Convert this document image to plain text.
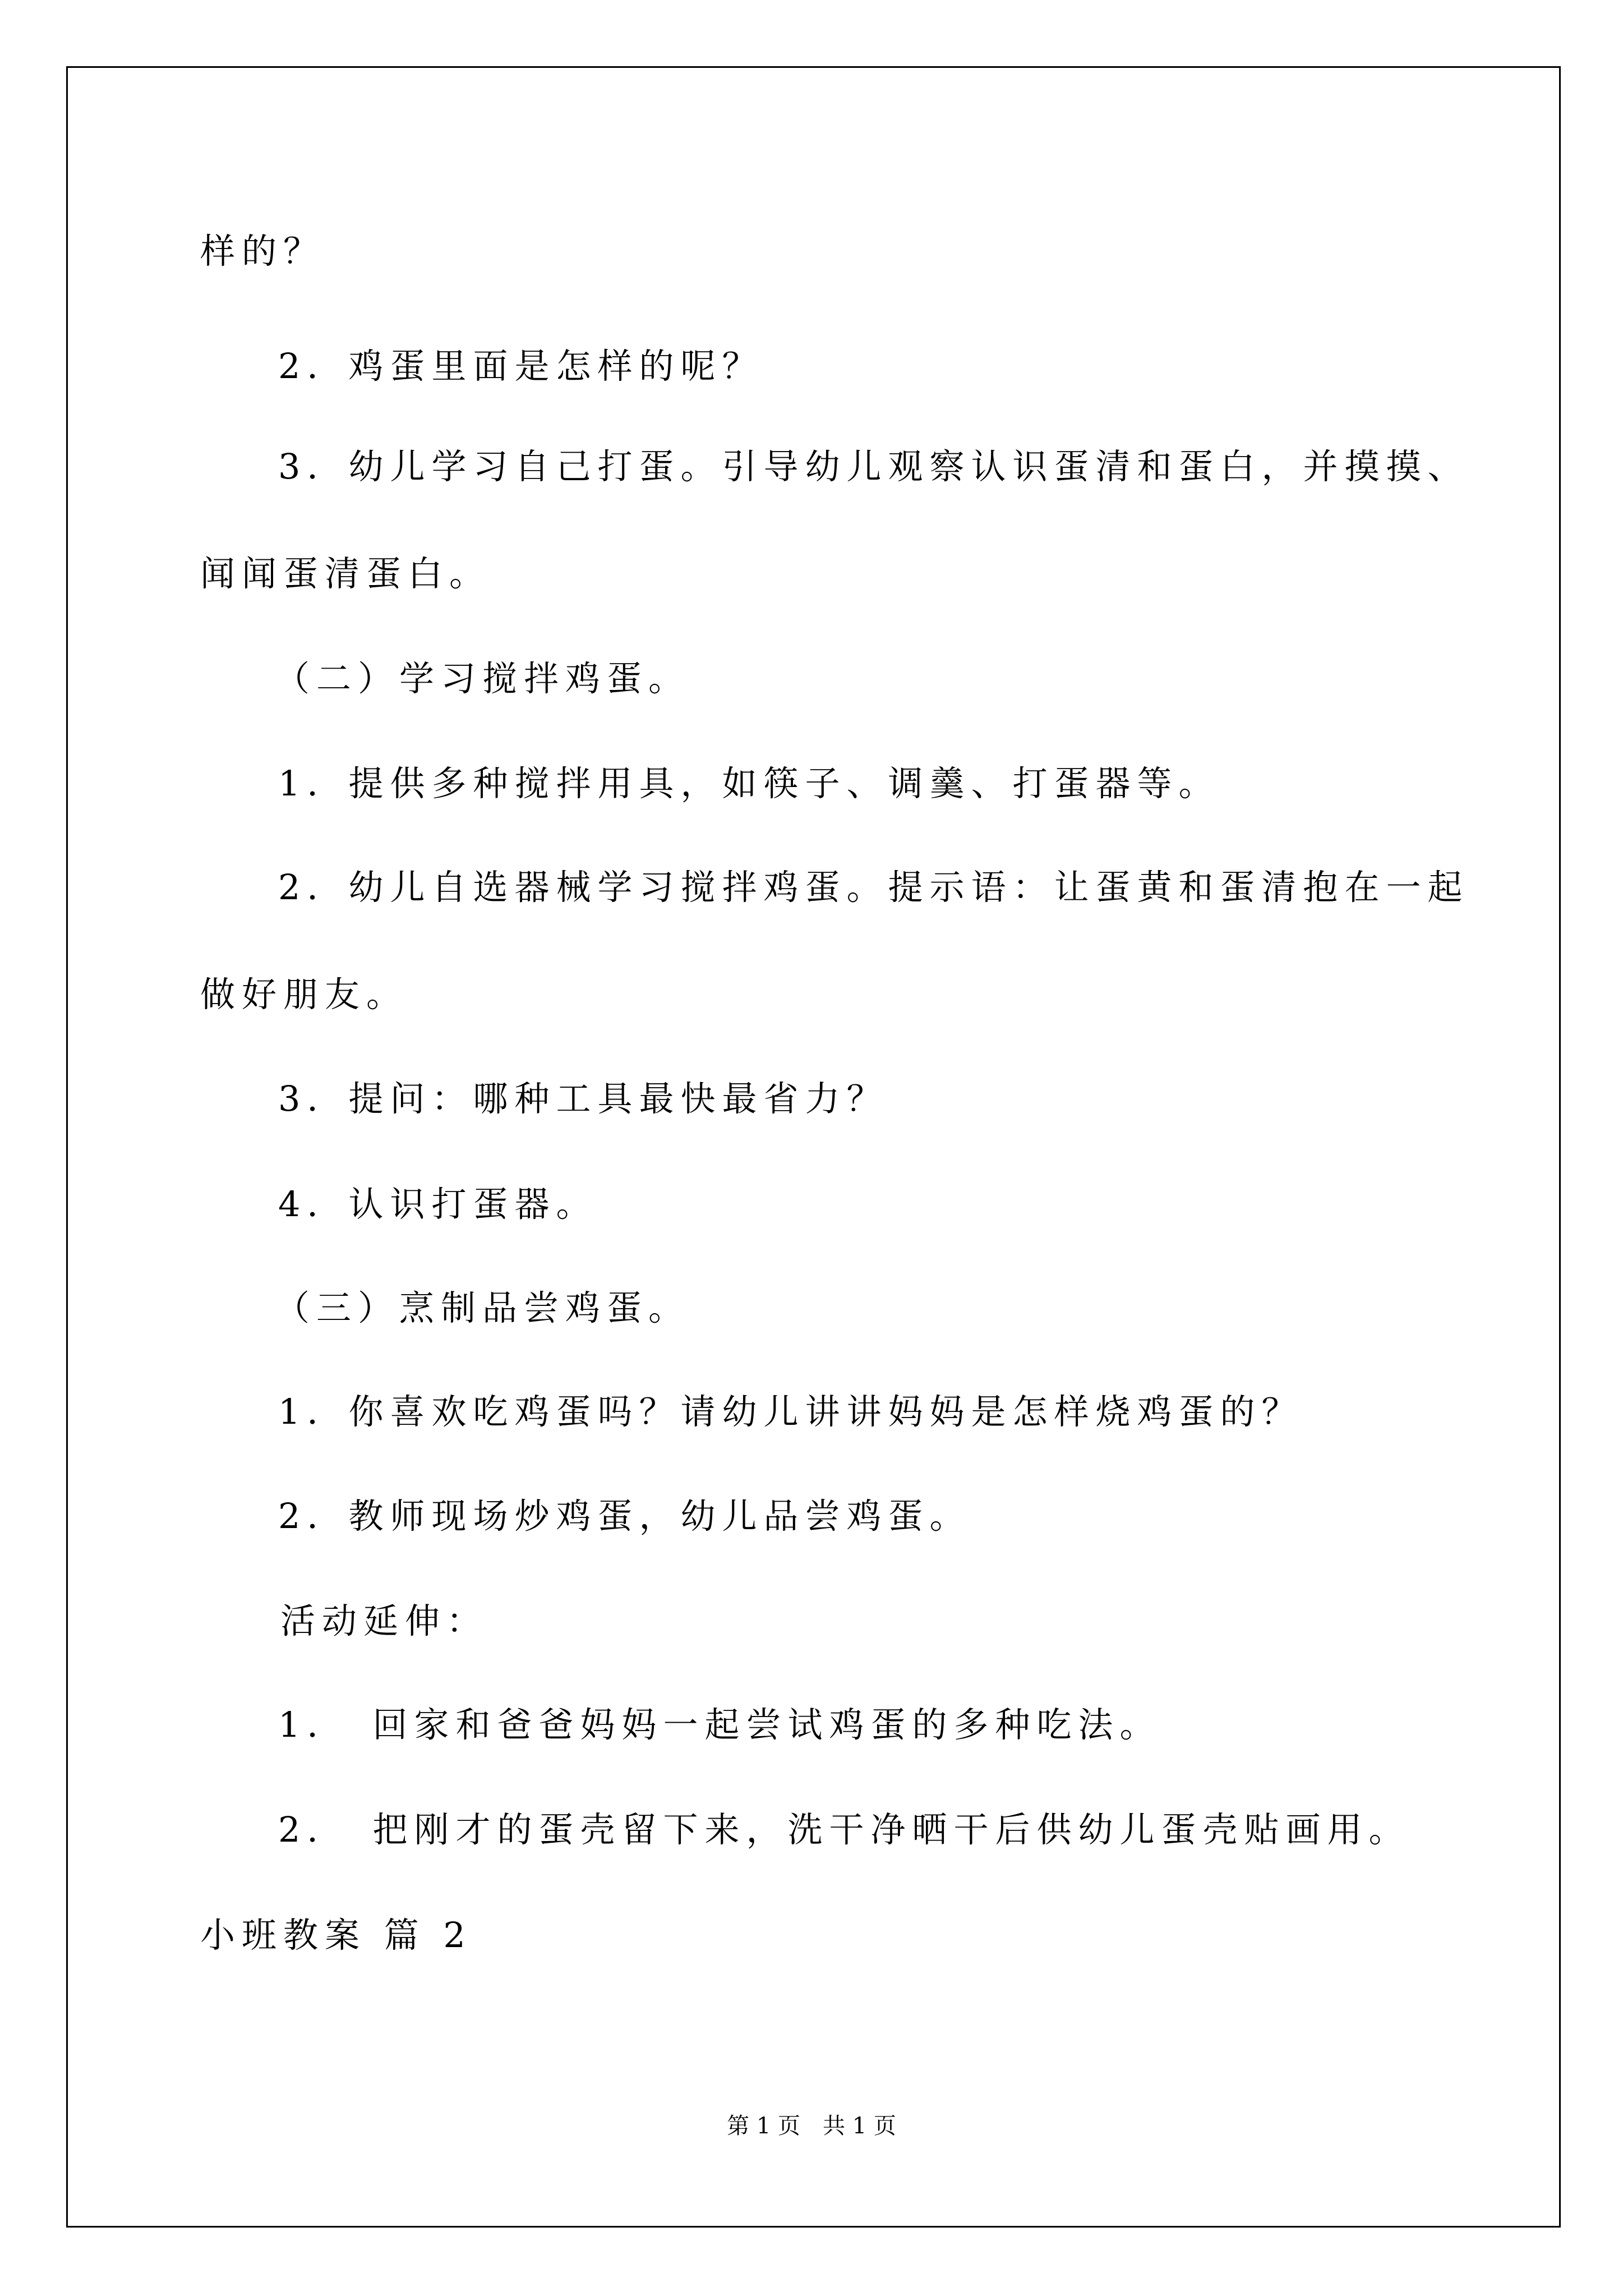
样的？
2．鸡蛋里面是怎样的呢？
3．幼儿学习自己打蛋。引导幼儿观察认识蛋清和蛋白，并摸摸、
闻闻蛋清蛋白。
（二）学习搅拌鸡蛋。
1．提供多种搅拌用具，如筷子、调羹、打蛋器等。
2．幼儿自选器械学习搅拌鸡蛋。提示语：让蛋黄和蛋清抱在一起
做好朋友。
3．提问：哪种工具最快最省力？
4．认识打蛋器。
（三）烹制品尝鸡蛋。
1．你喜欢吃鸡蛋吗？请幼儿讲讲妈妈是怎样烧鸡蛋的？
2．教师现场炒鸡蛋，幼儿品尝鸡蛋。
活动延伸：
1．　回家和爸爸妈妈一起尝试鸡蛋的多种吃法。
2．　把刚才的蛋壳留下来，洗干净晒干后供幼儿蛋壳贴画用。
小班教案 篇 2
第 1 页　共 1 页
